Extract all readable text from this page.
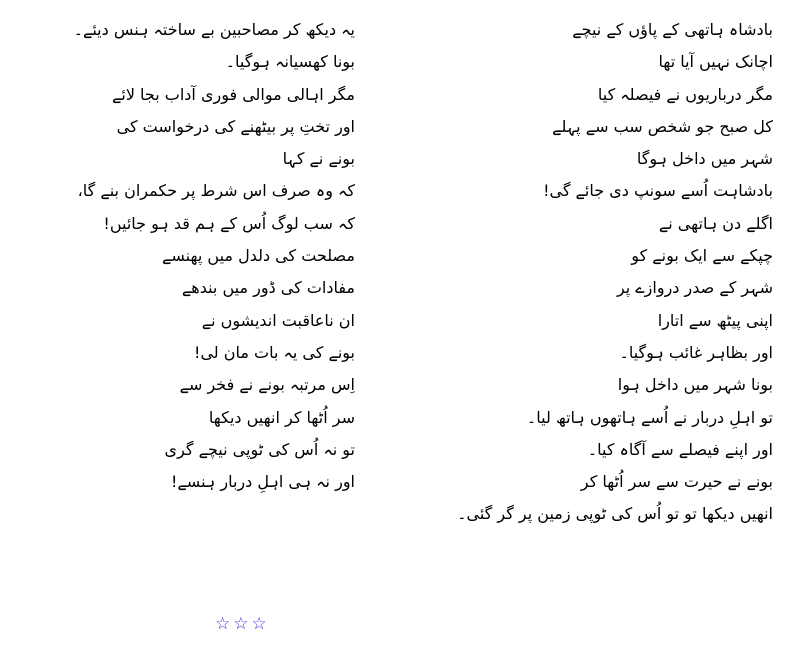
بادشاہ ہاتھی کے پاؤں کے نیچے
اچانک نہیں آیا تھا
مگر درباریوں نے فیصلہ کیا
کل صبح جو شخص سب سے پہلے
شہر میں داخل ہوگا
بادشاہت اُسے سونپ دی جائے گی!
اگلے دن ہاتھی نے
چپکے سے ایک بونے کو
شہر کے صدر دروازے پر
اپنی پیٹھ سے اتارا
اور بظاہر غائب ہوگیا۔
بونا شہر میں داخل ہوا
تو اہلِ دربار نے اُسے ہاتھوں ہاتھ لیا۔
اور اپنے فیصلے سے آگاہ کیا۔
بونے نے حیرت سے سر اُٹھا کر
انھیں دیکھا تو تو اُس کی ٹوپی زمین پر گر گئی۔
یہ دیکھ کر مصاحبین بے ساختہ ہنس دیئے۔
بونا کھسیانہ ہوگیا۔
مگر اہالی موالی فوری آداب بجا لائے
اور تختِ پر بیٹھنے کی درخواست کی
بونے نے کہا
کہ وہ صرف اس شرط پر حکمران بنے گا،
کہ سب لوگ اُس کے ہم قد ہو جائیں!
مصلحت کی دلدل میں پھنسے
مفادات کی ڈور میں بندھے
ان ناعاقبت اندیشوں نے
بونے کی یہ بات مان لی!
اِس مرتبہ بونے نے فخر سے
سر اُٹھا کر انھیں دیکھا
تو نہ اُس کی ٹوپی نیچے گری
اور نہ ہی اہلِ دربار ہنسے!
☆☆☆
